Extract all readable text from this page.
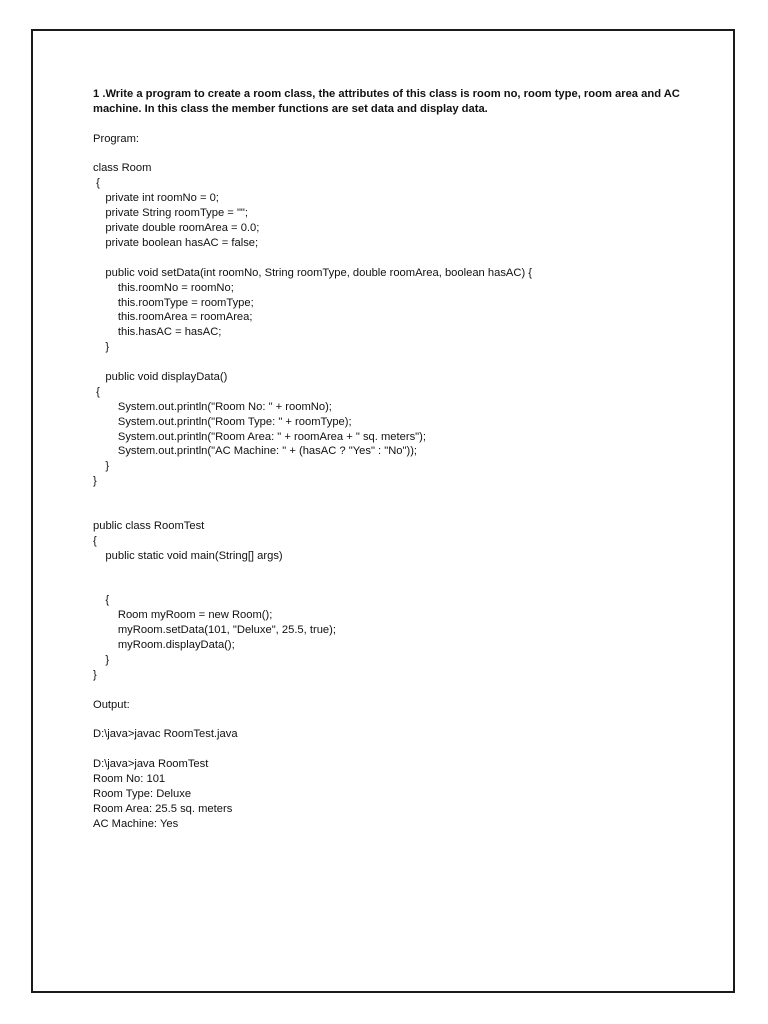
1 .Write a program to create a room class, the attributes of this class is room no, room type, room area and AC machine. In this class the member functions are set data and display data.
Program:
class Room
{
private int roomNo = 0;
private String roomType = "";
private double roomArea = 0.0;
private boolean hasAC = false;
public void setData(int roomNo, String roomType, double roomArea, boolean hasAC) {
this.roomNo = roomNo;
this.roomType = roomType;
this.roomArea = roomArea;
this.hasAC = hasAC;
}
public void displayData()
{
System.out.println("Room No: " + roomNo);
System.out.println("Room Type: " + roomType);
System.out.println("Room Area: " + roomArea + " sq. meters");
System.out.println("AC Machine: " + (hasAC ? "Yes" : "No"));
}
}
public class RoomTest
{
public static void main(String[] args)
{
Room myRoom = new Room();
myRoom.setData(101, "Deluxe", 25.5, true);
myRoom.displayData();
}
}
Output:
D:\java>javac RoomTest.java
D:\java>java RoomTest
Room No: 101
Room Type: Deluxe
Room Area: 25.5 sq. meters
AC Machine: Yes
